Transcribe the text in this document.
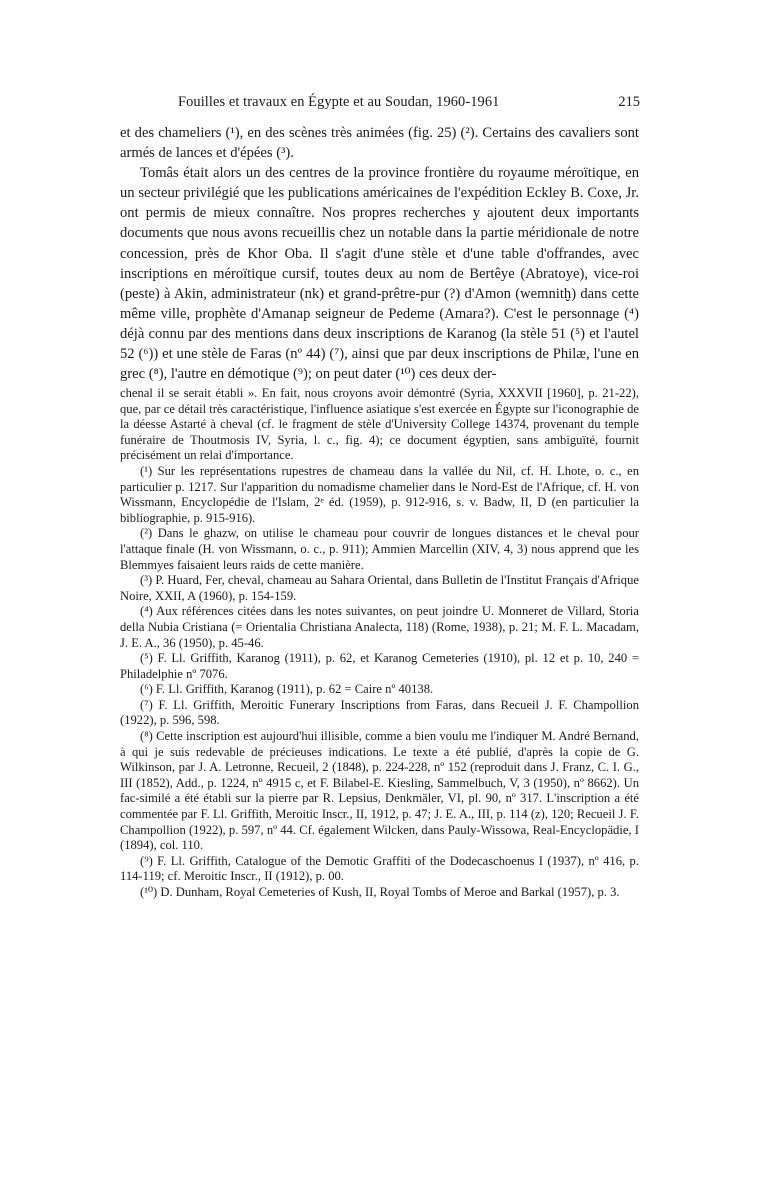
Fouilles et travaux en Égypte et au Soudan, 1960-1961	215

et des chameliers (¹), en des scènes très animées (fig. 25) (²). Certains des cavaliers sont armés de lances et d'épées (³).

Tomâs était alors un des centres de la province frontière du royaume méroïtique, en un secteur privilégié que les publications américaines de l'expédition Eckley B. Coxe, Jr. ont permis de mieux connaître. Nos propres recherches y ajoutent deux importants documents que nous avons recueillis chez un notable dans la partie méridionale de notre concession, près de Khor Oba. Il s'agit d'une stèle et d'une table d'offrandes, avec inscriptions en méroïtique cursif, toutes deux au nom de Bertêye (Abratoye), vice-roi (peste) à Akin, administrateur (nk) et grand-prêtre-pur (?) d'Amon (wemnitḫ) dans cette même ville, prophète d'Amanap seigneur de Pedeme (Amara?). C'est le personnage (⁴) déjà connu par des mentions dans deux inscriptions de Karanog (la stèle 51 (⁵) et l'autel 52 (⁶)) et une stèle de Faras (nº 44) (⁷), ainsi que par deux inscriptions de Philæ, l'une en grec (⁸), l'autre en démotique (⁹); on peut dater (¹⁰) ces deux der-

chenal il se serait établi ». En fait, nous croyons avoir démontré (Syria, XXXVII [1960], p. 21-22), que, par ce détail très caractéristique, l'influence asiatique s'est exercée en Égypte sur l'iconographie de la déesse Astarté à cheval (cf. le fragment de stèle d'University College 14374, provenant du temple funéraire de Thoutmosis IV, Syria, l. c., fig. 4); ce document égyptien, sans ambiguïté, fournit précisément un relai d'importance.

(¹) Sur les représentations rupestres de chameau dans la vallée du Nil, cf. H. Lhote, o. c., en particulier p. 1217. Sur l'apparition du nomadisme chamelier dans le Nord-Est de l'Afrique, cf. H. von Wissmann, Encyclopédie de l'Islam, 2ᵉ éd. (1959), p. 912-916, s. v. Badw, II, D (en particulier la bibliographie, p. 915-916).

(²) Dans le ghazw, on utilise le chameau pour couvrir de longues distances et le cheval pour l'attaque finale (H. von Wissmann, o. c., p. 911); Ammien Marcellin (XIV, 4, 3) nous apprend que les Blemmyes faisaient leurs raids de cette manière.

(³) P. Huard, Fer, cheval, chameau au Sahara Oriental, dans Bulletin de l'Institut Français d'Afrique Noire, XXII, A (1960), p. 154-159.

(⁴) Aux références citées dans les notes suivantes, on peut joindre U. Monneret de Villard, Storia della Nubia Cristiana (= Orientalia Christiana Analecta, 118) (Rome, 1938), p. 21; M. F. L. Macadam, J. E. A., 36 (1950), p. 45-46.

(⁵) F. Ll. Griffith, Karanog (1911), p. 62, et Karanog Cemeteries (1910), pl. 12 et p. 10, 240 = Philadelphie nº 7076.

(⁶) F. Ll. Griffith, Karanog (1911), p. 62 = Caire nº 40138.

(⁷) F. Ll. Griffith, Meroitic Funerary Inscriptions from Faras, dans Recueil J. F. Champollion (1922), p. 596, 598.

(⁸) Cette inscription est aujourd'hui illisible, comme a bien voulu me l'indiquer M. André Bernand, à qui je suis redevable de précieuses indications. Le texte a été publié, d'après la copie de G. Wilkinson, par J. A. Letronne, Recueil, 2 (1848), p. 224-228, nº 152 (reproduit dans J. Franz, C. I. G., III (1852), Add., p. 1224, nº 4915 c, et F. Bilabel-E. Kiesling, Sammelbuch, V, 3 (1950), nº 8662). Un fac-similé a été établi sur la pierre par R. Lepsius, Denkmäler, VI, pl. 90, nº 317. L'inscription a été commentée par F. Ll. Griffith, Meroitic Inscr., II, 1912, p. 47; J. E. A., III, p. 114 (z), 120; Recueil J. F. Champollion (1922), p. 597, nº 44. Cf. également Wilcken, dans Pauly-Wissowa, Real-Encyclopädie, I (1894), col. 110.

(⁹) F. Ll. Griffith, Catalogue of the Demotic Graffiti of the Dodecaschoenus I (1937), nº 416, p. 114-119; cf. Meroitic Inscr., II (1912), p. 00.

(¹⁰) D. Dunham, Royal Cemeteries of Kush, II, Royal Tombs of Meroe and Barkal (1957), p. 3.
